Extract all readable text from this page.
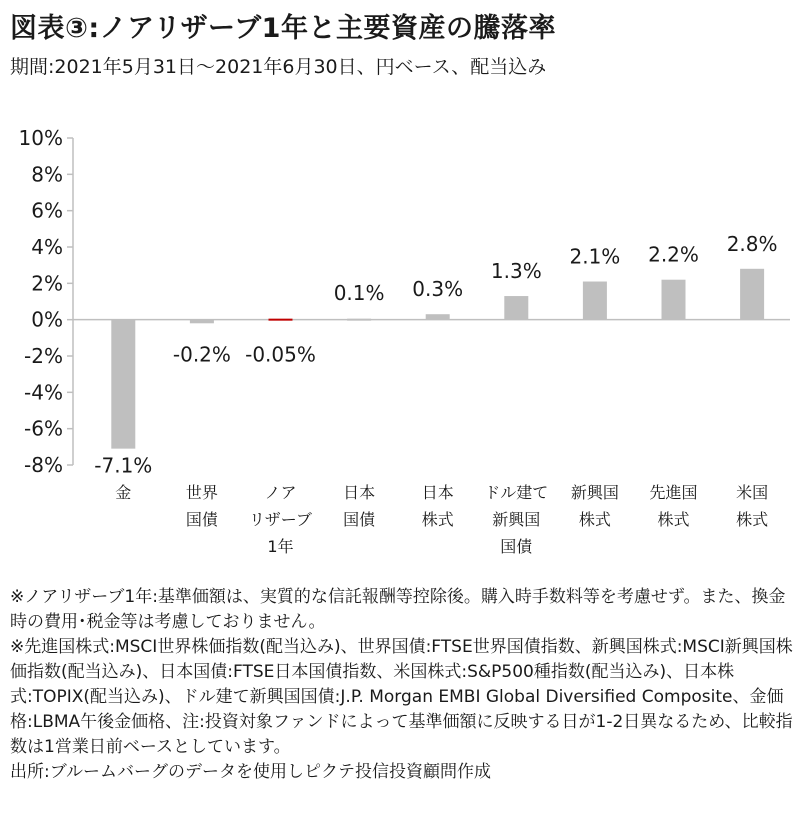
図表③:ノアリザーブ1年と主要資産の騰落率
期間:2021年5月31日～2021年6月30日、円ベース、配当込み
10%
8%
6%
4%
2%
0%
-2%
-4%
-6%
-8% -7.1%
-0.2% -0.05%
0.1% 0.3%
1.3%
2.1% 2.2% 2.8%
金	世界
国債
ノア
リザーブ
1年
日本
国債
日本
株式
ドル建て
新興国
国債
新興国
株式
先進国
株式
米国
株式

※ノアリザーブ1年:基準価額は、実質的な信託報酬等控除後。購入時手数料等を考慮せず。また、換金時の費用･税金等は考慮しておりません。

※先進国株式:MSCI世界株価指数(配当込み)、世界国債:FTSE世界国債指数、新興国株式:MSCI新興国株価指数(配当込み)、日本国債:FTSE日本国債指数、米国株式:S&P500種指数(配当込み)、日本株式:TOPIX(配当込み)、ドル建て新興国国債:J.P. Morgan EMBI Global Diversified Composite、金価格:LBMA午後金価格、注:投資対象ファンドによって基準価額に反映する日が1-2日異なるため、比較指数は1営業日前ベースとしています。

出所:ブルームバーグのデータを使用しピクテ投信投資顧問作成
